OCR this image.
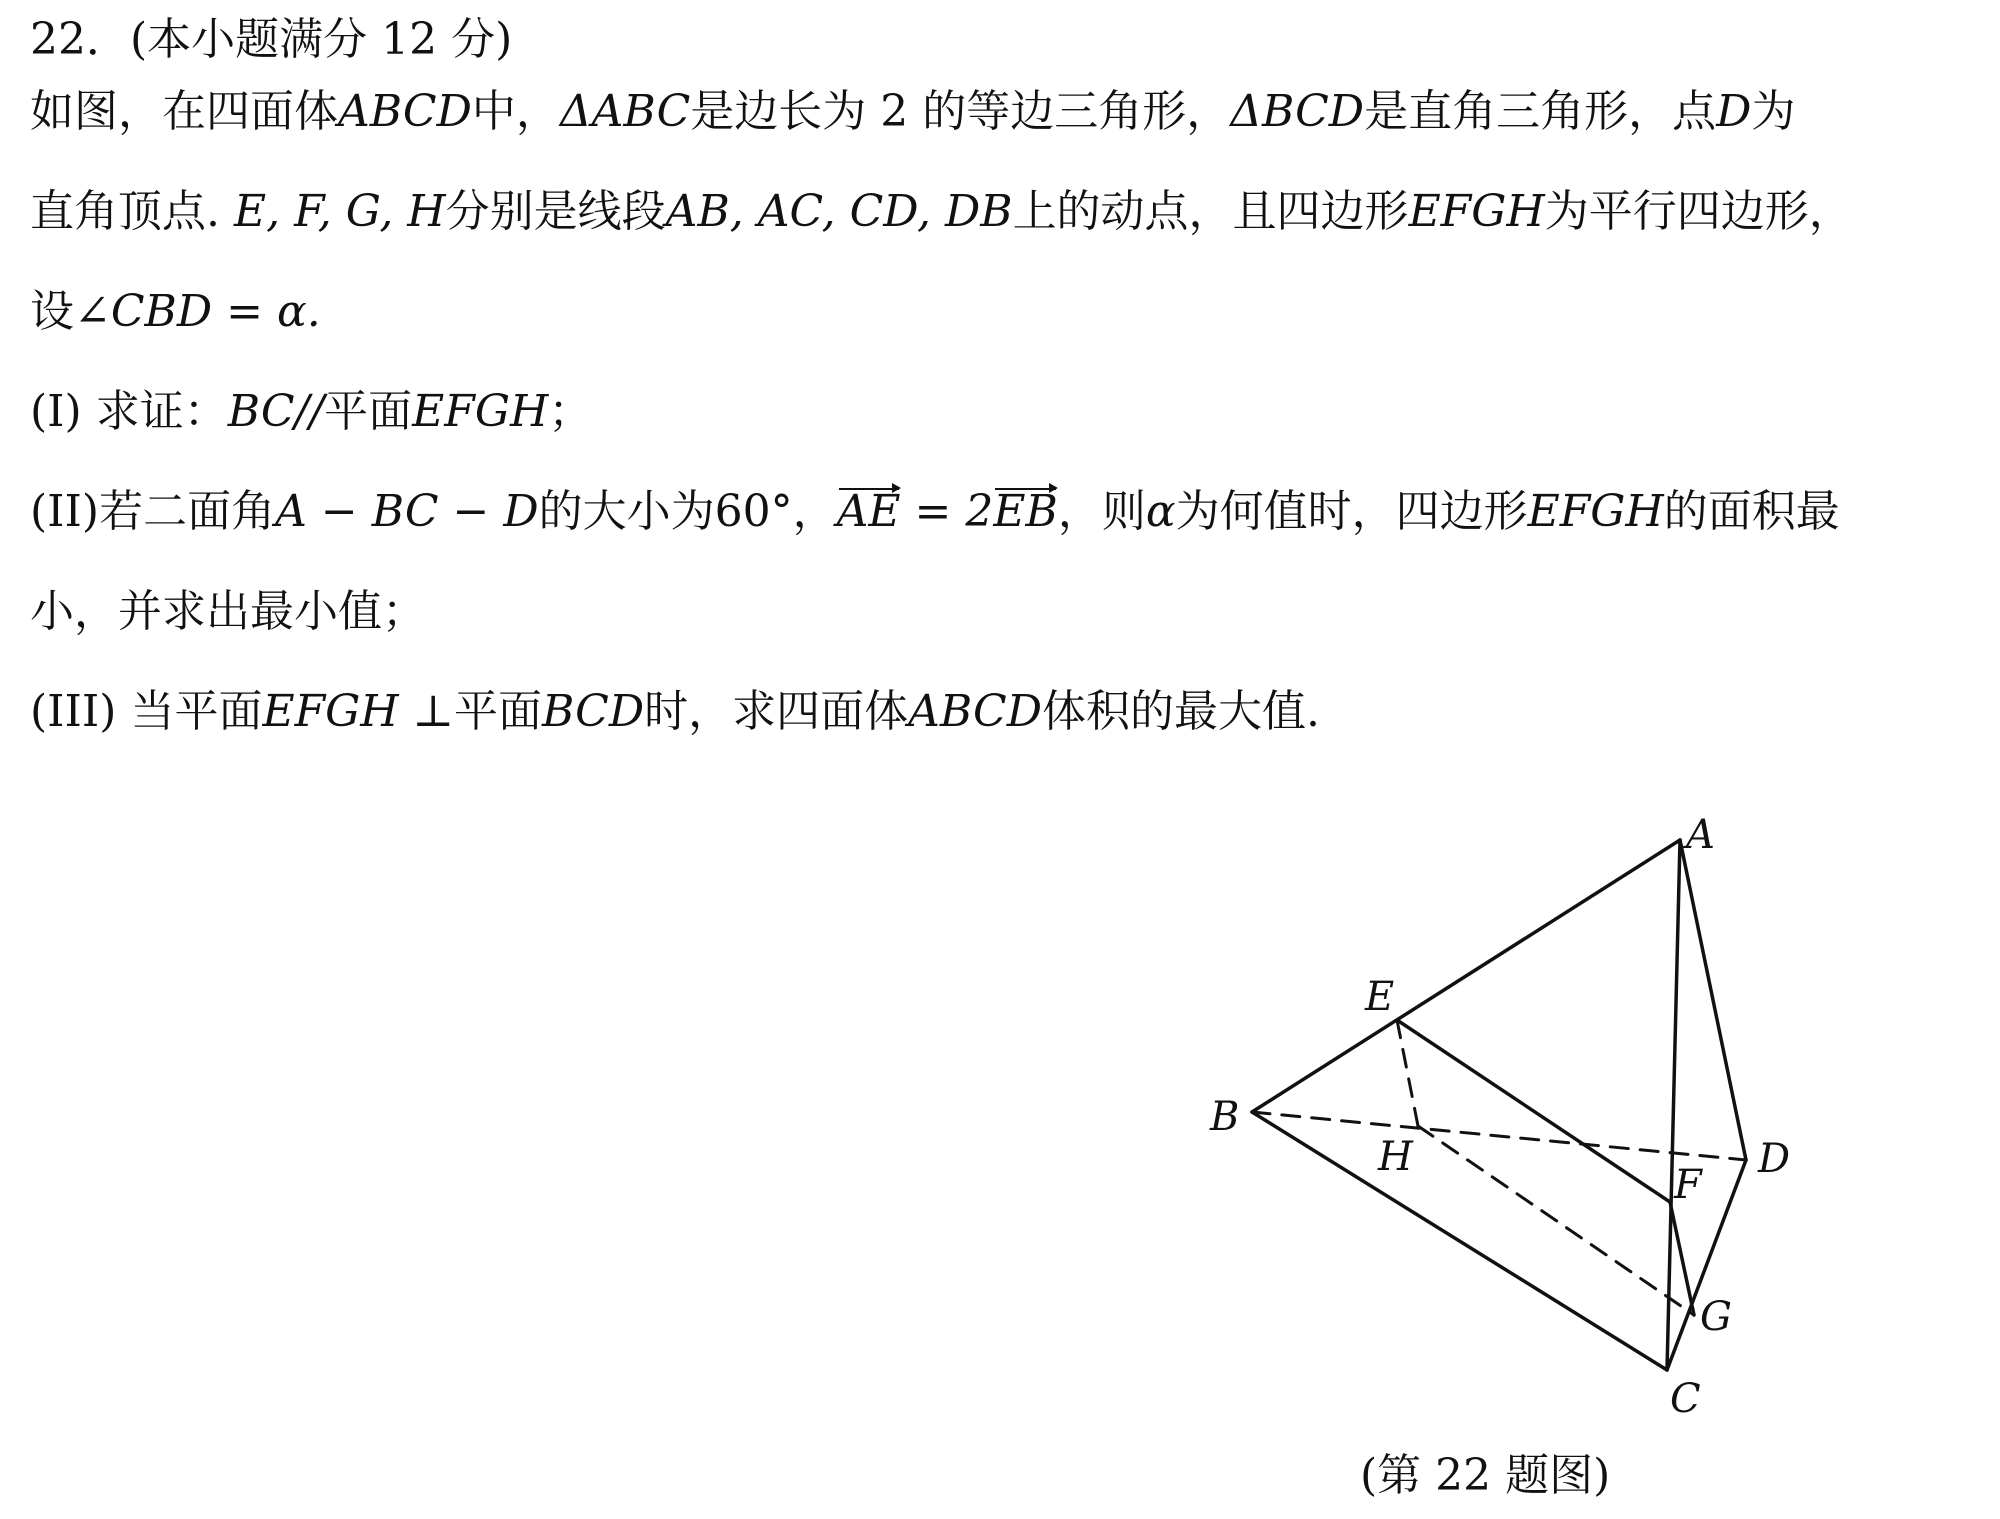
22．(本小题满分 12 分)
如图，在四面体ABCD中，ΔABC是边长为 2 的等边三角形，ΔBCD是直角三角形，点D为
直角顶点. E, F, G, H分别是线段AB, AC, CD, DB上的动点，且四边形EFGH为平行四边形，
设∠CBD = α.
(I) 求证：BC//平面EFGH；
(II)若二面角A − BC − D的大小为60°，AE = 2EB，则α为何值时，四边形EFGH的面积最
小，并求出最小值；
(III) 当平面EFGH ⊥平面BCD时，求四面体ABCD体积的最大值.
A
E
B
H
F
D
G
C
(第 22 题图)
